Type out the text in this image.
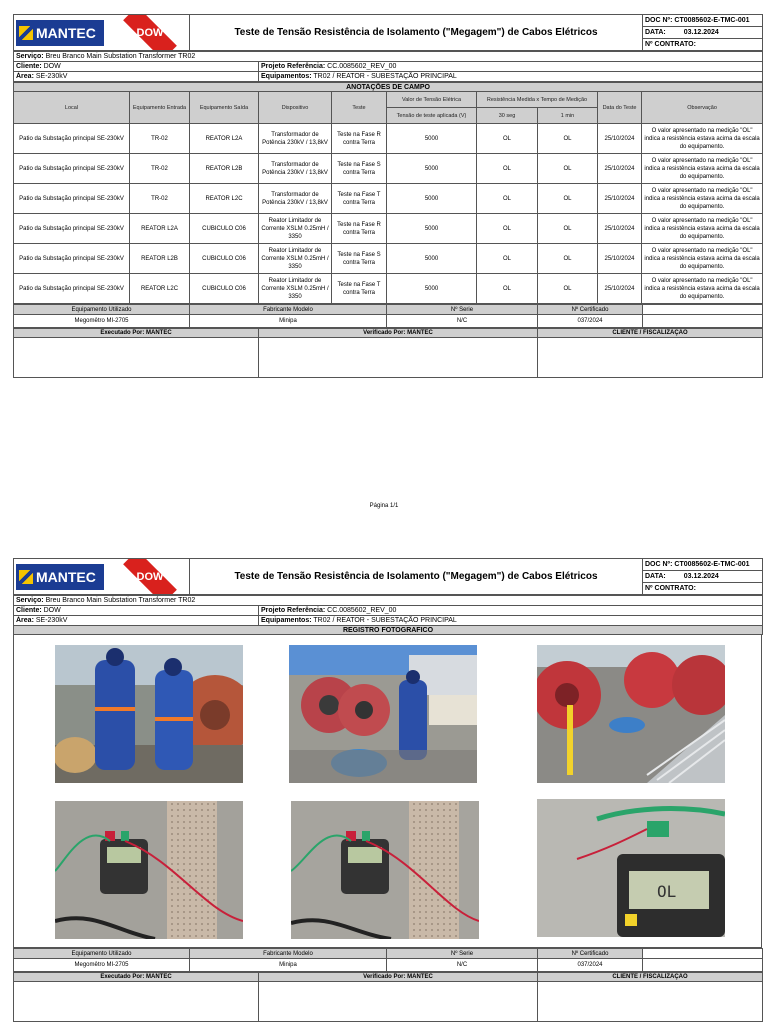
MANTEC	DOW	Teste de Tensão Resistência de Isolamento ("Megagem") de Cabos Elétricos	DOC Nº: CT0085602-E-TMC-001
DATA:	03.12.2024
Nº CONTRATO:
Serviço: Breu Branco Main Substation Transformer TR02	
Cliente: DOW	Projeto Referência: CC.0085602_REV_00
Área: SE-230kV	Equipamentos: TR02 / REATOR - SUBESTAÇÃO PRINCIPAL
ANOTAÇÕES DE CAMPO									
Local	Equipamento Entrada	Equipamento Saída	Dispositivo	Teste	Valor de Tensão Elétrica	Resistência Medida x Tempo de Medição		Data do Teste	Observação
					Tensão de teste aplicada (V)	30 seg	1 min		
Patio da Substação principal SE-230kV	TR-02	REATOR L2A	Transformador de Potência 230kV / 13,8kV	Teste na Fase R contra Terra	5000	OL	OL	25/10/2024	O valor apresentado na medição "OL" indica a resistência estava acima da escala do equipamento.
Patio da Substação principal SE-230kV	TR-02	REATOR L2B	Transformador de Potência 230kV / 13,8kV	Teste na Fase S contra Terra	5000	OL	OL	25/10/2024	O valor apresentado na medição "OL" indica a resistência estava acima da escala do equipamento.
Patio da Substação principal SE-230kV	TR-02	REATOR L2C	Transformador de Potência 230kV / 13,8kV	Teste na Fase T contra Terra	5000	OL	OL	25/10/2024	O valor apresentado na medição "OL" indica a resistência estava acima da escala do equipamento.
Patio da Substação principal SE-230kV	REATOR L2A	CUBICULO C06	Reator Limitador de Corrente XSLM 0.25mH / 3350	Teste na Fase R contra Terra	5000	OL	OL	25/10/2024	O valor apresentado na medição "OL" indica a resistência estava acima da escala do equipamento.
Patio da Substação principal SE-230kV	REATOR L2B	CUBICULO C06	Reator Limitador de Corrente XSLM 0.25mH / 3350	Teste na Fase S contra Terra	5000	OL	OL	25/10/2024	O valor apresentado na medição "OL" indica a resistência estava acima da escala do equipamento.
Patio da Substação principal SE-230kV	REATOR L2C	CUBICULO C06	Reator Limitador de Corrente XSLM 0.25mH / 3350	Teste na Fase T contra Terra	5000	OL	OL	25/10/2024	O valor apresentado na medição "OL" indica a resistência estava acima da escala do equipamento.
Equipamento Utilizado	Fabricante Modelo	Nº Serie	Nº Certificado	
Megomêtro MI-2705	Minipa	N/C	037/2024	
Executado Por: MANTEC	Verificado Por: MANTEC	CLIENTE / FISCALIZAÇÃO

Página 1/1
MANTEC	DOW	Teste de Tensão Resistência de Isolamento ("Megagem") de Cabos Elétricos	DOC Nº: CT0085602-E-TMC-001
DATA:	03.12.2024
Nº CONTRATO:
Serviço: Breu Branco Main Substation Transformer TR02	
Cliente: DOW	Projeto Referência: CC.0085602_REV_00
Área: SE-230kV	Equipamentos: TR02 / REATOR - SUBESTAÇÃO PRINCIPAL
REGISTRO FOTOGRAFICO	
OL
Equipamento Utilizado	Fabricante Modelo	Nº Serie	Nº Certificado	
Megomêtro MI-2705	Minipa	N/C	037/2024	
Executado Por: MANTEC	Verificado Por: MANTEC	CLIENTE / FISCALIZAÇÃO
